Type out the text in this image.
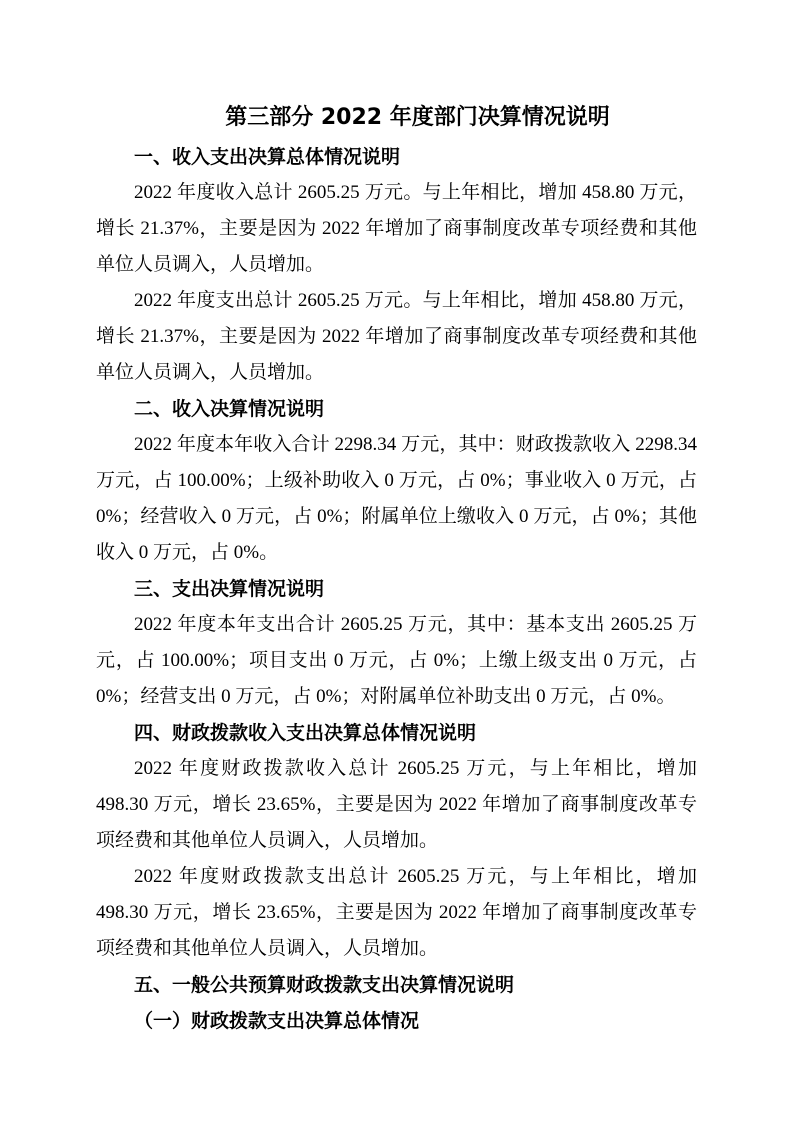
第三部分 2022 年度部门决算情况说明
一、收入支出决算总体情况说明

2022 年度收入总计 2605.25 万元。与上年相比，增加 458.80 万元，增长 21.37%，主要是因为 2022 年增加了商事制度改革专项经费和其他单位人员调入，人员增加。

2022 年度支出总计 2605.25 万元。与上年相比，增加 458.80 万元，增长 21.37%，主要是因为 2022 年增加了商事制度改革专项经费和其他单位人员调入，人员增加。

二、收入决算情况说明

2022 年度本年收入合计 2298.34 万元，其中：财政拨款收入 2298.34 万元，占 100.00%；上级补助收入 0 万元，占 0%；事业收入 0 万元，占 0%；经营收入 0 万元，占 0%；附属单位上缴收入 0 万元，占 0%；其他收入 0 万元，占 0%。

三、支出决算情况说明

2022 年度本年支出合计 2605.25 万元，其中：基本支出 2605.25 万元，占 100.00%；项目支出 0 万元，占 0%；上缴上级支出 0 万元，占 0%；经营支出 0 万元，占 0%；对附属单位补助支出 0 万元，占 0%。

四、财政拨款收入支出决算总体情况说明

2022 年度财政拨款收入总计 2605.25 万元，与上年相比，增加 498.30 万元，增长 23.65%，主要是因为 2022 年增加了商事制度改革专项经费和其他单位人员调入，人员增加。

2022 年度财政拨款支出总计 2605.25 万元，与上年相比，增加 498.30 万元，增长 23.65%，主要是因为 2022 年增加了商事制度改革专项经费和其他单位人员调入，人员增加。

五、一般公共预算财政拨款支出决算情况说明
（一）财政拨款支出决算总体情况
